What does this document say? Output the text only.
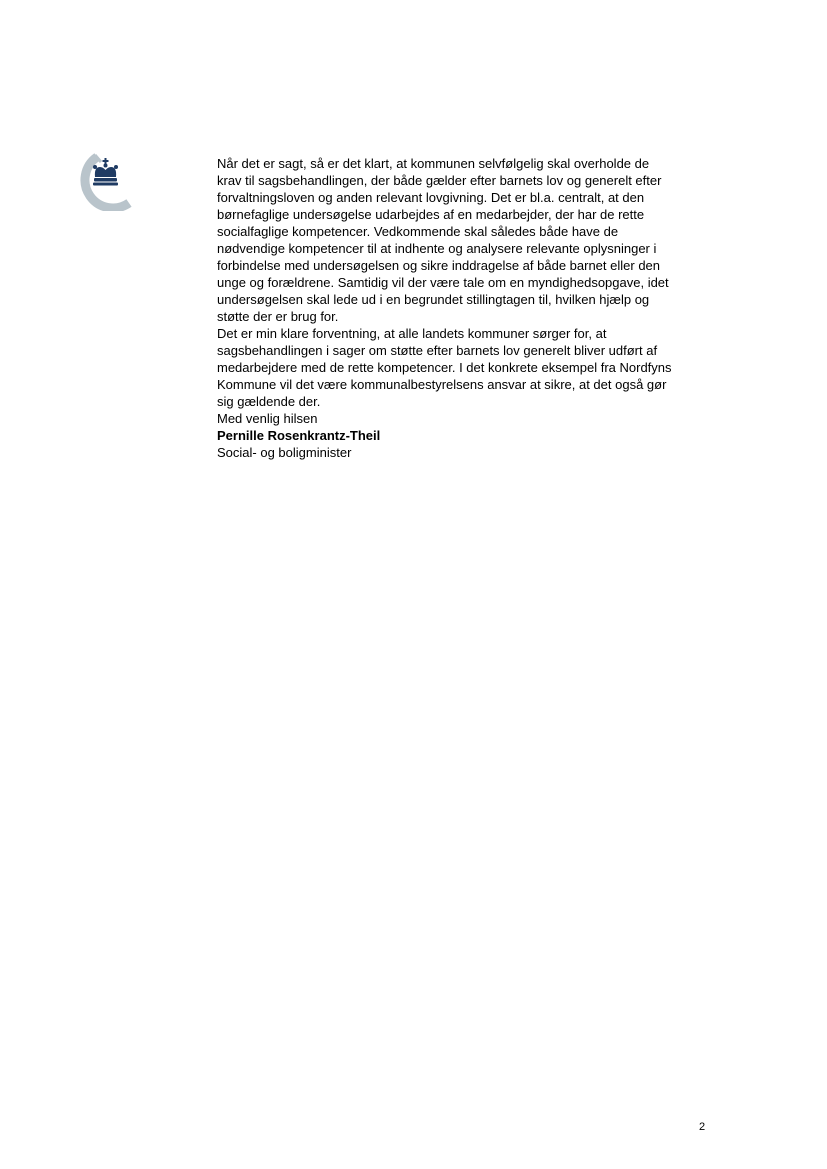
Når det er sagt, så er det klart, at kommunen selvfølgelig skal overholde de
krav til sagsbehandlingen, der både gælder efter barnets lov og generelt efter
forvaltningsloven og anden relevant lovgivning. Det er bl.a. centralt, at den
børnefaglige undersøgelse udarbejdes af en medarbejder, der har de rette
socialfaglige kompetencer. Vedkommende skal således både have de
nødvendige kompetencer til at indhente og analysere relevante oplysninger i
forbindelse med undersøgelsen og sikre inddragelse af både barnet eller den
unge og forældrene. Samtidig vil der være tale om en myndighedsopgave, idet
undersøgelsen skal lede ud i en begrundet stillingtagen til, hvilken hjælp og
støtte der er brug for.

Det er min klare forventning, at alle landets kommuner sørger for, at
sagsbehandlingen i sager om støtte efter barnets lov generelt bliver udført af
medarbejdere med de rette kompetencer. I det konkrete eksempel fra Nordfyns
Kommune vil det være kommunalbestyrelsens ansvar at sikre, at det også gør
sig gældende der.

Med venlig hilsen
Pernille Rosenkrantz-Theil
Social- og boligminister

2
